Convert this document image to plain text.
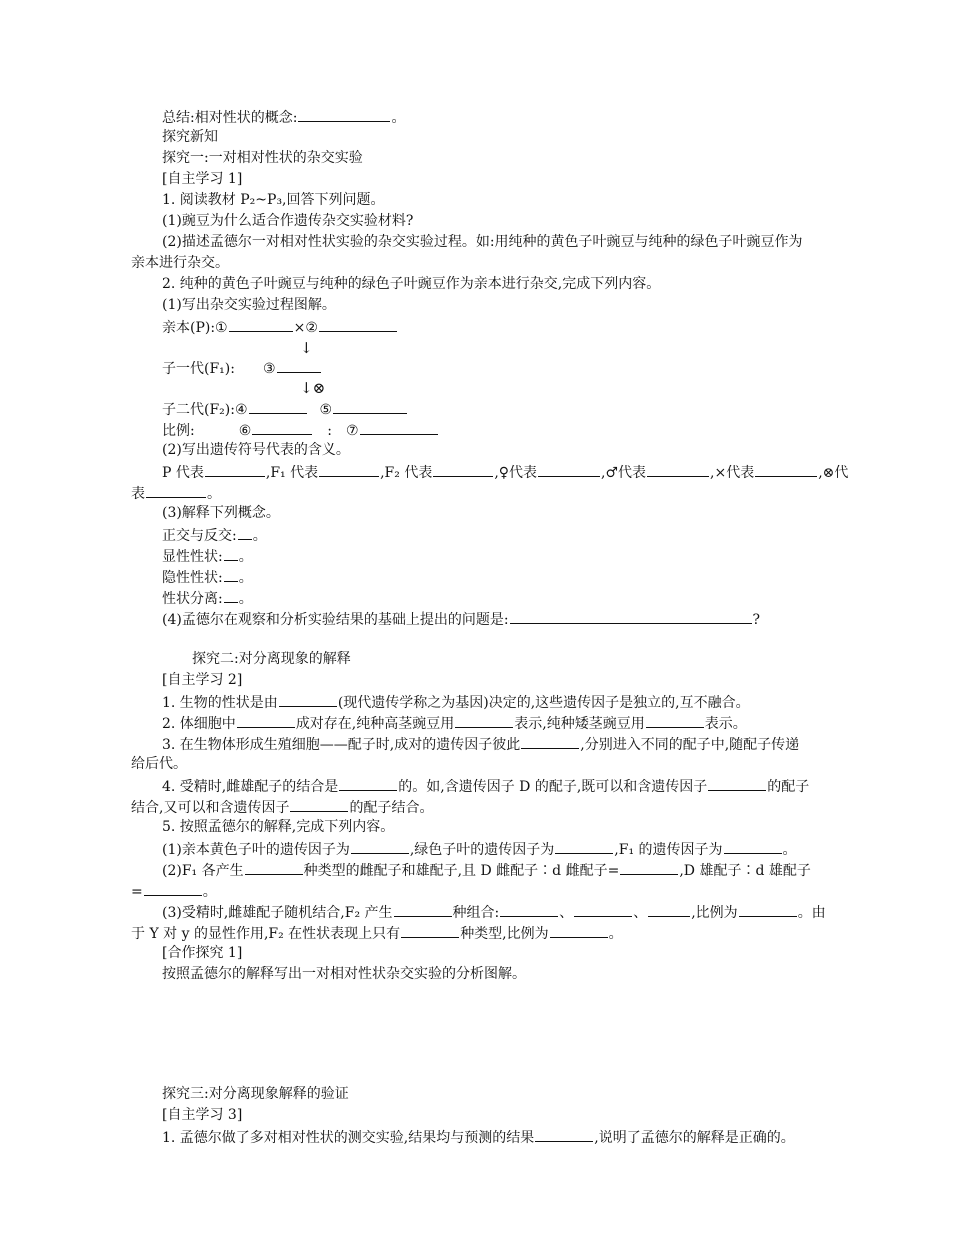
总结:相对性状的概念:	。
探究新知
探究一:一对相对性状的杂交实验
[自主学习 1]
1. 阅读教材 P₂~P₃,回答下列问题。
(1)豌豆为什么适合作遗传杂交实验材料?
(2)描述孟德尔一对相对性状实验的杂交实验过程。如:用纯种的黄色子叶豌豆与纯种的绿色子叶豌豆作为
亲本进行杂交。
2. 纯种的黄色子叶豌豆与纯种的绿色子叶豌豆作为亲本进行杂交,完成下列内容。
(1)写出杂交实验过程图解。
亲本(P):①	×②
↓
子一代(F₁): ③
↓⊗
子二代(F₂):④	⑤
比例:	⑥	: ⑦
(2)写出遗传符号代表的含义。
P 代表	,F₁ 代表	,F₂ 代表	,♀代表	,♂代表	,×代表	,⊗代
表	。
(3)解释下列概念。
正交与反交: 。
显性性状: 。
隐性性状: 。
性状分离: 。
(4)孟德尔在观察和分析实验结果的基础上提出的问题是:	?
探究二:对分离现象的解释
[自主学习 2]
1. 生物的性状是由	(现代遗传学称之为基因)决定的,这些遗传因子是独立的,互不融合。
2. 体细胞中	成对存在,纯种高茎豌豆用	表示,纯种矮茎豌豆用	表示。
3. 在生物体形成生殖细胞——配子时,成对的遗传因子彼此	,分别进入不同的配子中,随配子传递
给后代。
4. 受精时,雌雄配子的结合是	的。如,含遗传因子 D 的配子,既可以和含遗传因子	的配子
结合,又可以和含遗传因子	的配子结合。
5. 按照孟德尔的解释,完成下列内容。
(1)亲本黄色子叶的遗传因子为	,绿色子叶的遗传因子为	,F₁ 的遗传因子为	。
(2)F₁ 各产生	种类型的雌配子和雄配子,且 D 雌配子∶d 雌配子=	,D 雄配子∶d 雄配子
=	。
(3)受精时,雌雄配子随机结合,F₂ 产生	种组合:	、	、	,比例为	。由
于 Y 对 y 的显性作用,F₂ 在性状表现上只有	种类型,比例为	。
[合作探究 1]
按照孟德尔的解释写出一对相对性状杂交实验的分析图解。
探究三:对分离现象解释的验证
[自主学习 3]
1. 孟德尔做了多对相对性状的测交实验,结果均与预测的结果	,说明了孟德尔的解释是正确的。
